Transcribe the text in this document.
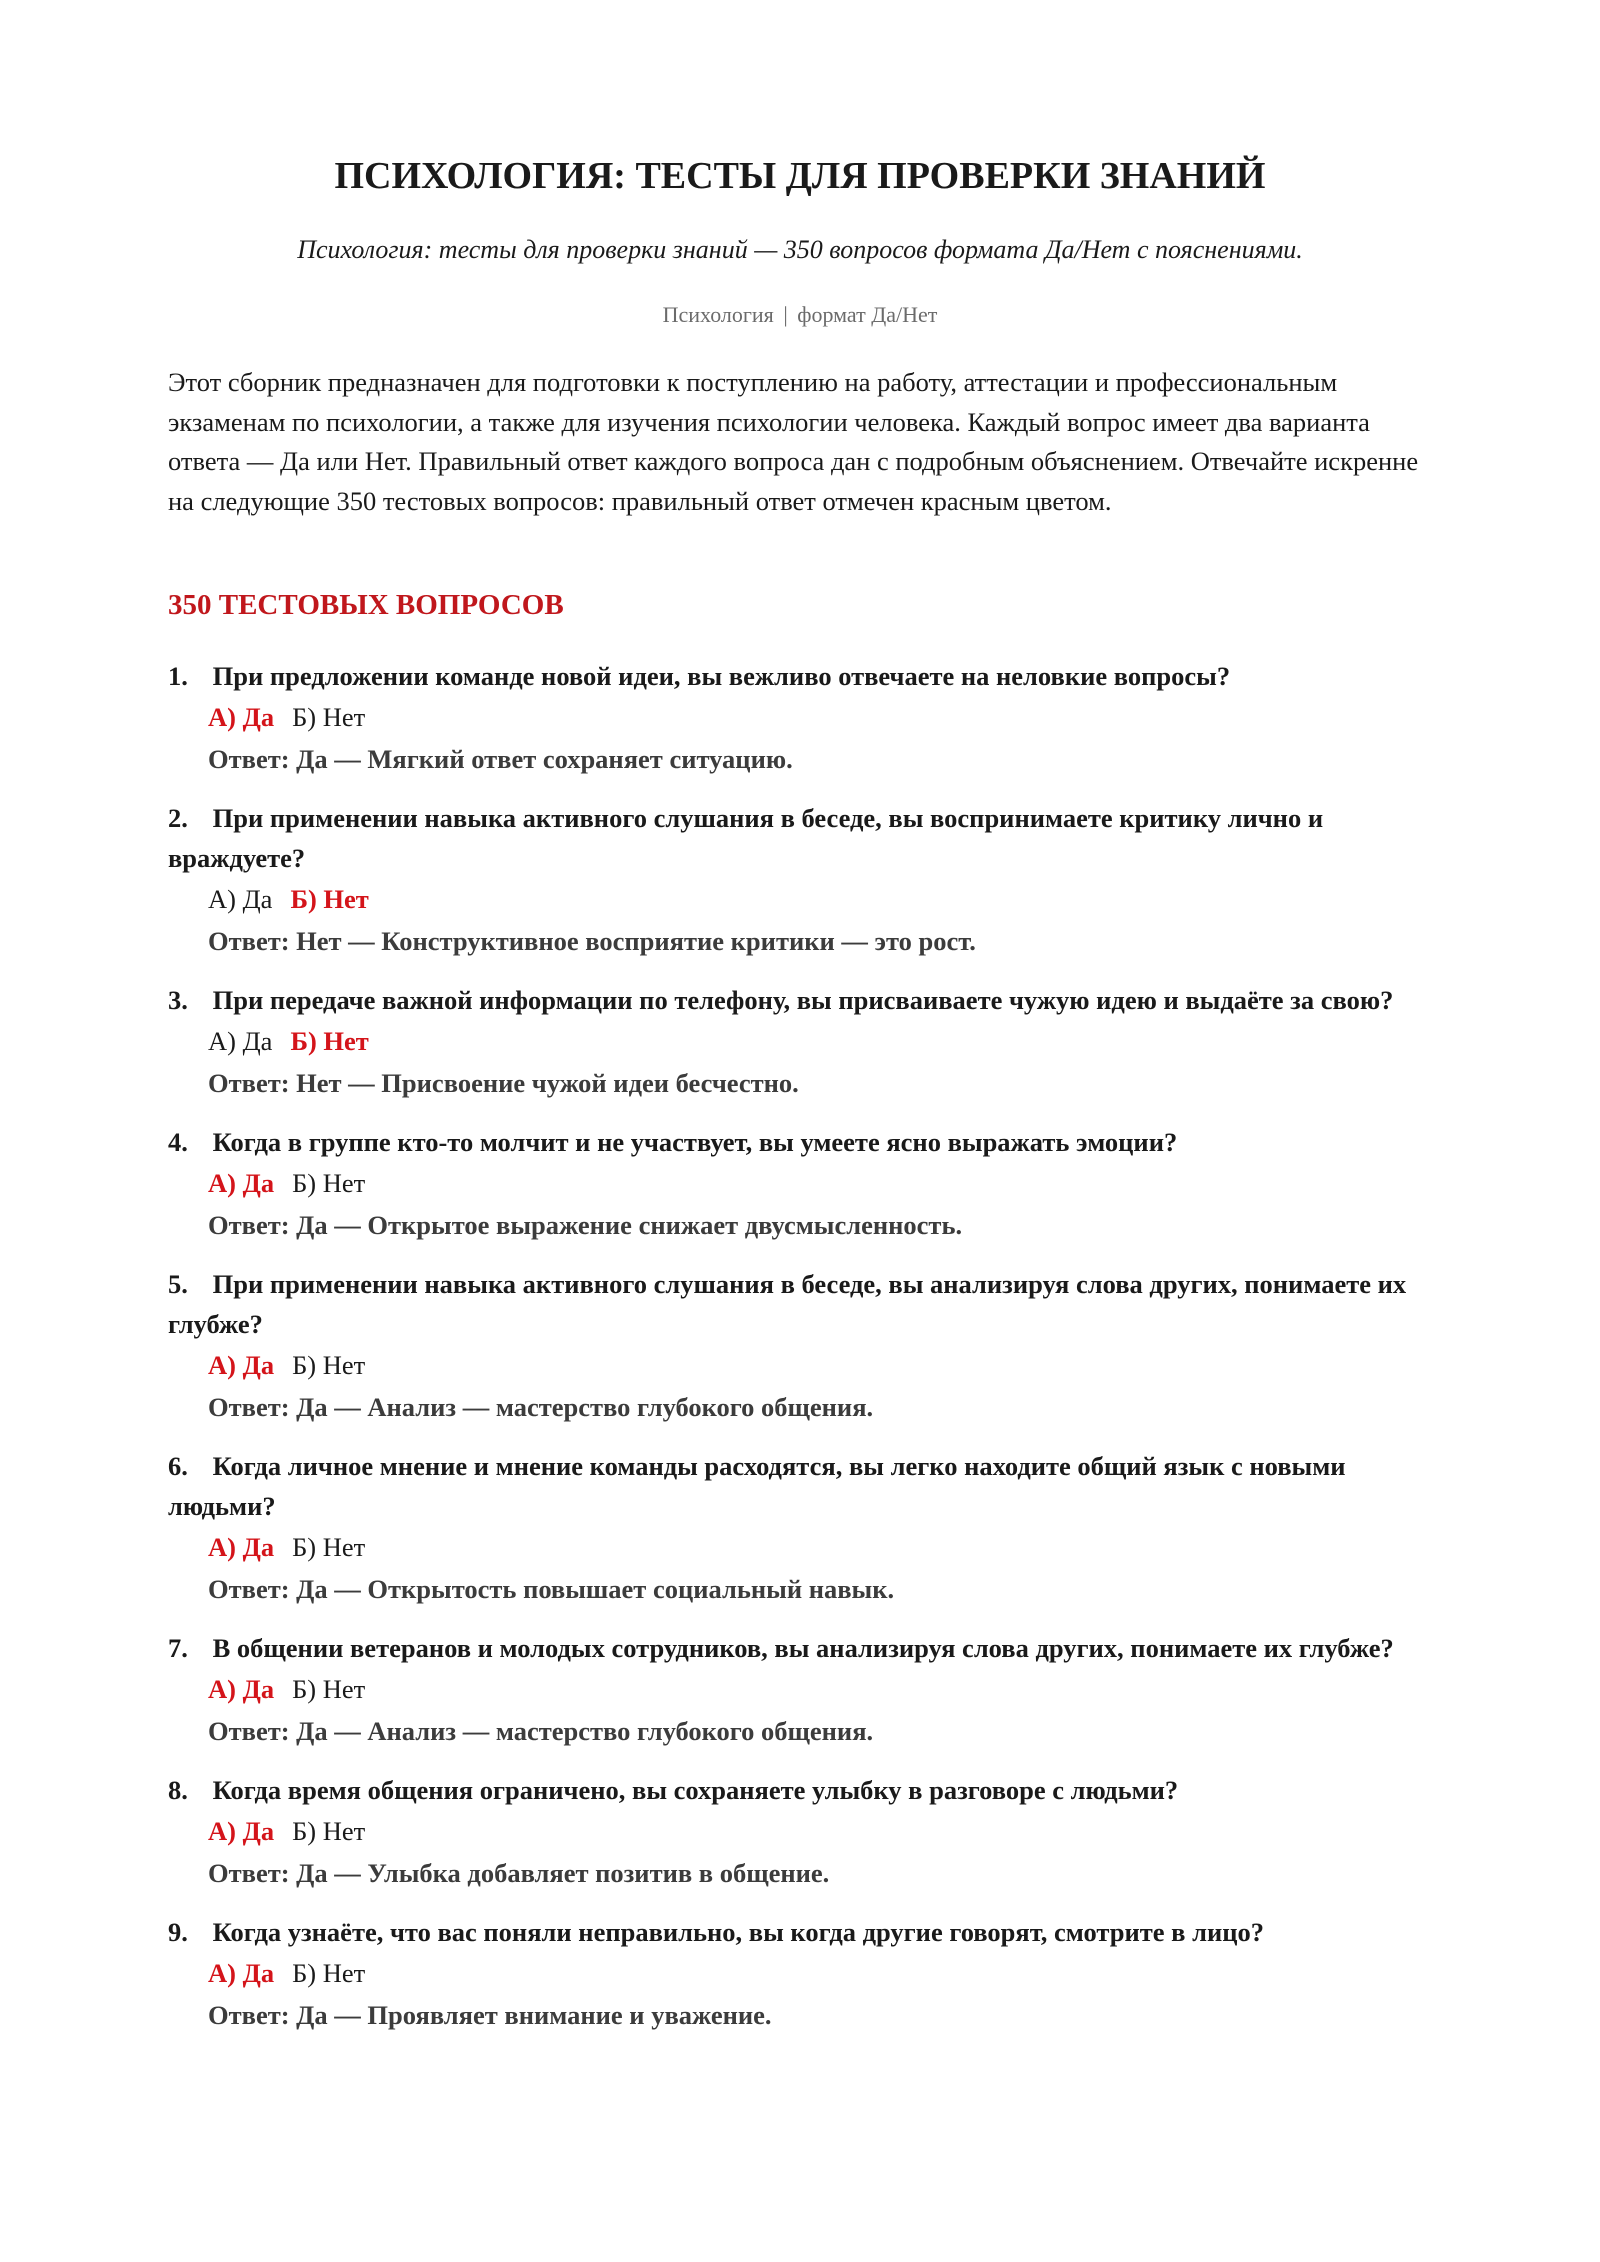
ПСИХОЛОГИЯ: ТЕСТЫ ДЛЯ ПРОВЕРКИ ЗНАНИЙ

Психология: тесты для проверки знаний — 350 вопросов формата Да/Нет с пояснениями.

Психология | формат Да/Нет

Этот сборник предназначен для подготовки к поступлению на работу, аттестации и профессиональным экзаменам по психологии, а также для изучения психологии человека. Каждый вопрос имеет два варианта ответа — Да или Нет. Правильный ответ каждого вопроса дан с подробным объяснением. Отвечайте искренне на следующие 350 тестовых вопросов: правильный ответ отмечен красным цветом.

350 ТЕСТОВЫХ ВОПРОСОВ
1. При предложении команде новой идеи, вы вежливо отвечаете на неловкие вопросы?
А) Да Б) Нет
Ответ: Да — Мягкий ответ сохраняет ситуацию.
2. При применении навыка активного слушания в беседе, вы воспринимаете критику лично и враждуете?
А) Да Б) Нет
Ответ: Нет — Конструктивное восприятие критики — это рост.
3. При передаче важной информации по телефону, вы присваиваете чужую идею и выдаёте за свою?
А) Да Б) Нет
Ответ: Нет — Присвоение чужой идеи бесчестно.
4. Когда в группе кто-то молчит и не участвует, вы умеете ясно выражать эмоции?
А) Да Б) Нет
Ответ: Да — Открытое выражение снижает двусмысленность.
5. При применении навыка активного слушания в беседе, вы анализируя слова других, понимаете их глубже?
А) Да Б) Нет
Ответ: Да — Анализ — мастерство глубокого общения.
6. Когда личное мнение и мнение команды расходятся, вы легко находите общий язык с новыми людьми?
А) Да Б) Нет
Ответ: Да — Открытость повышает социальный навык.
7. В общении ветеранов и молодых сотрудников, вы анализируя слова других, понимаете их глубже?
А) Да Б) Нет
Ответ: Да — Анализ — мастерство глубокого общения.
8. Когда время общения ограничено, вы сохраняете улыбку в разговоре с людьми?
А) Да Б) Нет
Ответ: Да — Улыбка добавляет позитив в общение.
9. Когда узнаёте, что вас поняли неправильно, вы когда другие говорят, смотрите в лицо?
А) Да Б) Нет
Ответ: Да — Проявляет внимание и уважение.
